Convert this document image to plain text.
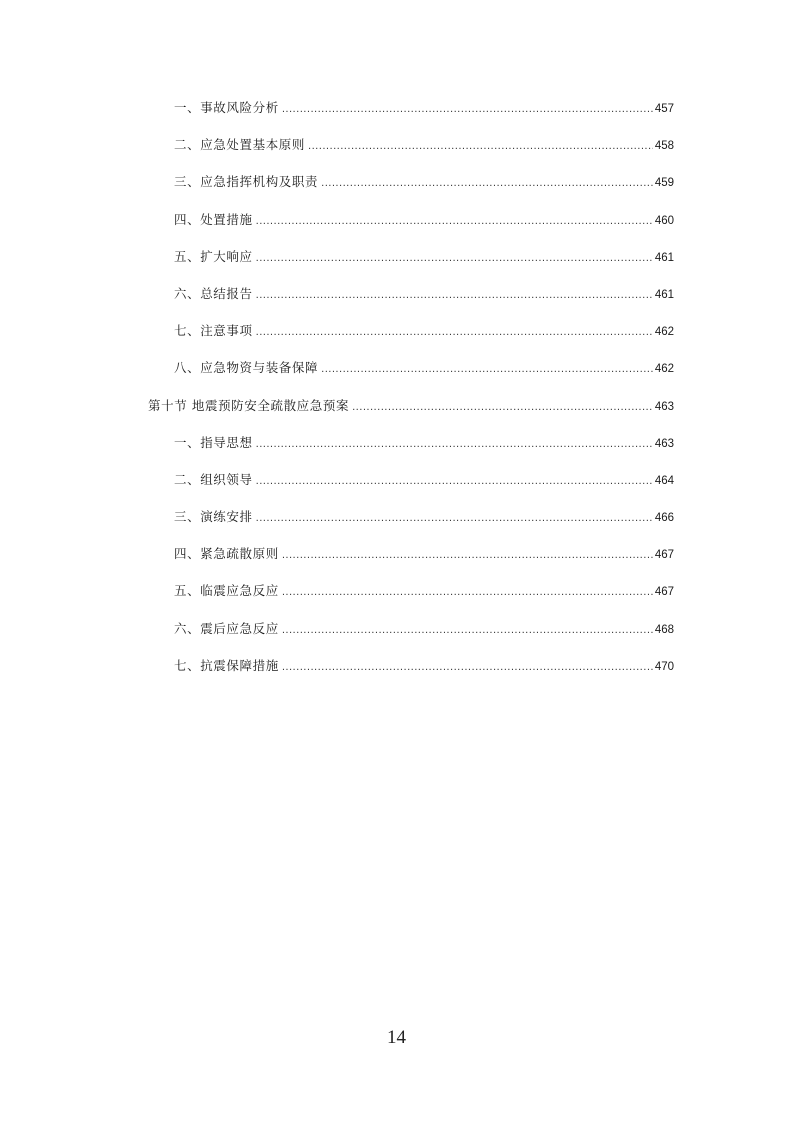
一、事故风险分析 .....	457
二、应急处置基本原则 .....	458
三、应急指挥机构及职责 .....	459
四、处置措施 .....	460
五、扩大响应 .....	461
六、总结报告 .....	461
七、注意事项 .....	462
八、应急物资与装备保障 .....	462
第十节 地震预防安全疏散应急预案 .....	463
一、指导思想 .....	463
二、组织领导 .....	464
三、演练安排 .....	466
四、紧急疏散原则 .....	467
五、临震应急反应 .....	467
六、震后应急反应 .....	468
七、抗震保障措施 .....	470
14
